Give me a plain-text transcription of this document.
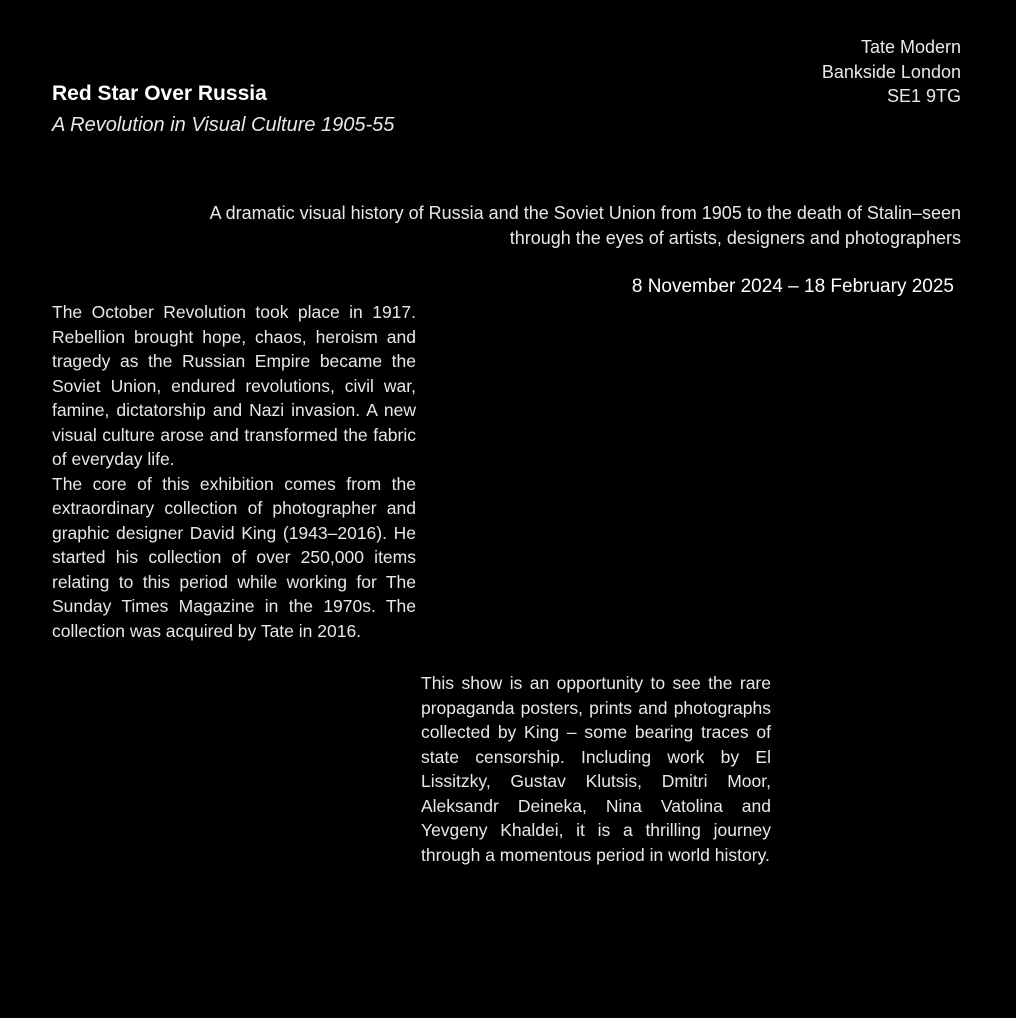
Tate Modern
Bankside London
SE1 9TG
Red Star Over Russia
A Revolution in Visual Culture 1905-55
A dramatic visual history of Russia and the Soviet Union from 1905 to the death of Stalin–seen through the eyes of artists, designers and photographers
8 November 2024 – 18 February 2025

The October Revolution took place in 1917. Rebellion brought hope, chaos, heroism and tragedy as the Russian Empire became the Soviet Union, endured revolutions, civil war, famine, dictatorship and Nazi invasion. A new visual culture arose and transformed the fabric of everyday life.

The core of this exhibition comes from the extraordinary collection of photographer and graphic designer David King (1943–2016). He started his collection of over 250,000 items relating to this period while working for The Sunday Times Magazine in the 1970s. The collection was acquired by Tate in 2016.

This show is an opportunity to see the rare propaganda posters, prints and photographs collected by King – some bearing traces of state censorship. Including work by El Lissitzky, Gustav Klutsis, Dmitri Moor, Aleksandr Deineka, Nina Vatolina and Yevgeny Khaldei, it is a thrilling journey through a momentous period in world history.
